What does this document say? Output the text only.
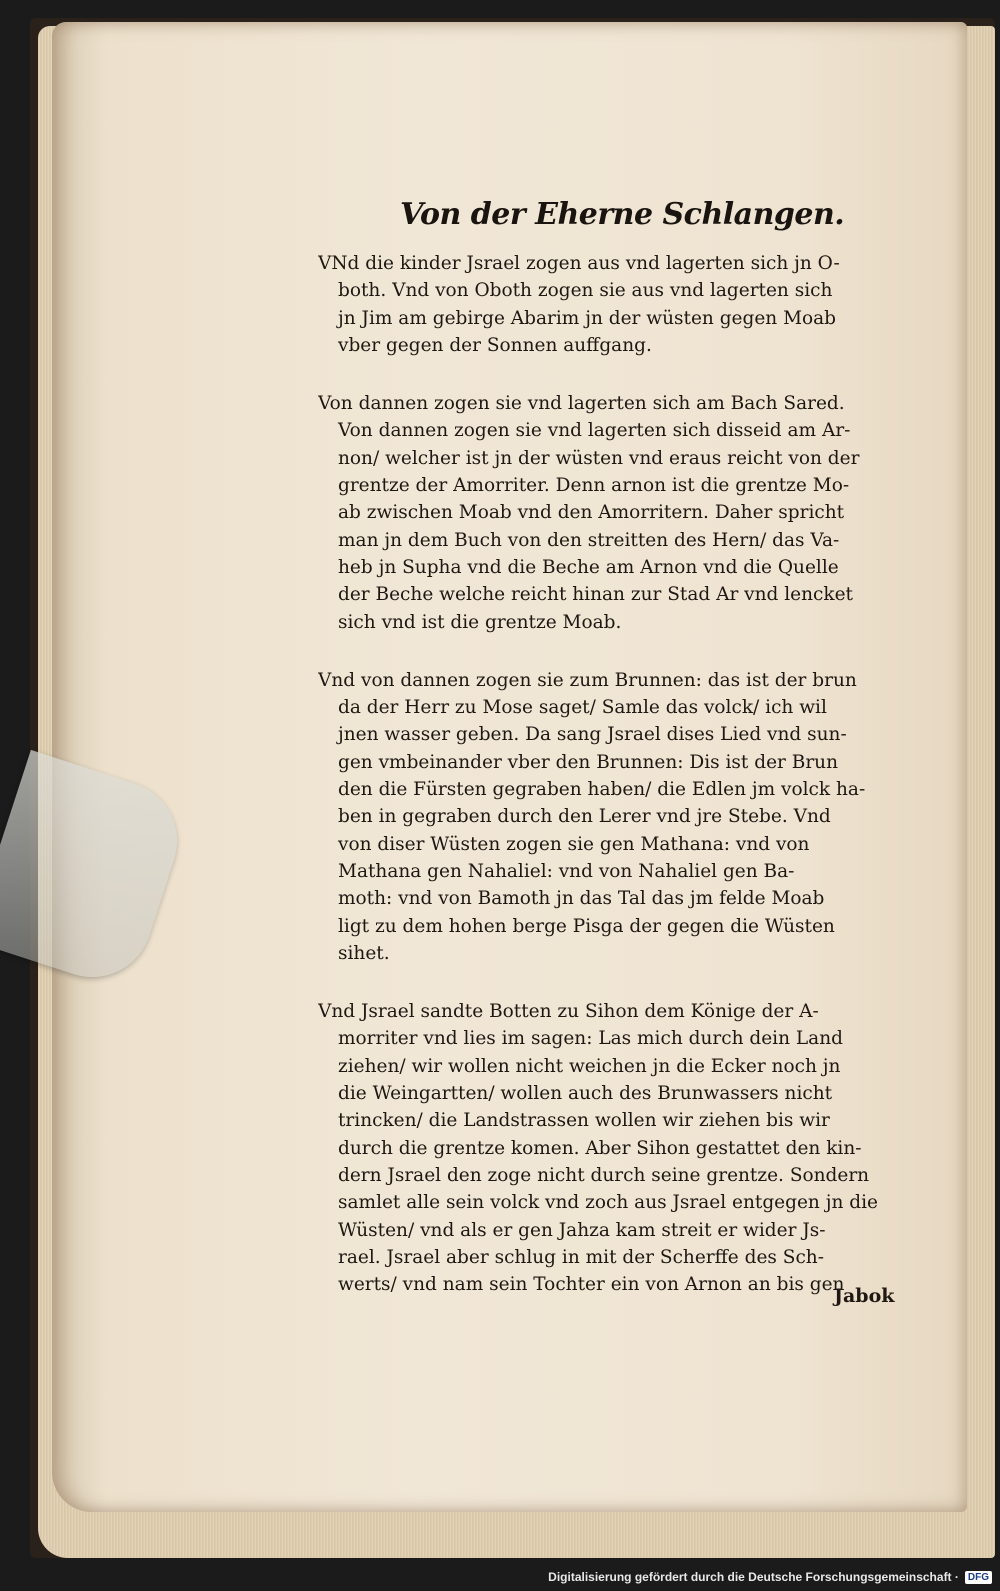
Von der Eherne Schlangen.
VNd die kinder Jsrael zogen aus vnd lagerten sich jn O-
both. Vnd von Oboth zogen sie aus vnd lagerten sich
jn Jim am gebirge Abarim jn der wüsten gegen Moab
vber gegen der Sonnen auffgang.
Von dannen zogen sie vnd lagerten sich am Bach Sared.
Von dannen zogen sie vnd lagerten sich disseid am Ar-
non/ welcher ist jn der wüsten vnd eraus reicht von der
grentze der Amorriter. Denn arnon ist die grentze Mo-
ab zwischen Moab vnd den Amorritern. Daher spricht
man jn dem Buch von den streitten des Hern/ das Va-
heb jn Supha vnd die Beche am Arnon vnd die Quelle
der Beche welche reicht hinan zur Stad Ar vnd lencket
sich vnd ist die grentze Moab.
Vnd von dannen zogen sie zum Brunnen: das ist der brun
da der Herr zu Mose saget/ Samle das volck/ ich wil
jnen wasser geben. Da sang Jsrael dises Lied vnd sun-
gen vmbeinander vber den Brunnen: Dis ist der Brun
den die Fürsten gegraben haben/ die Edlen jm volck ha-
ben in gegraben durch den Lerer vnd jre Stebe. Vnd
von diser Wüsten zogen sie gen Mathana: vnd von
Mathana gen Nahaliel: vnd von Nahaliel gen Ba-
moth: vnd von Bamoth jn das Tal das jm felde Moab
ligt zu dem hohen berge Pisga der gegen die Wüsten
sihet.
Vnd Jsrael sandte Botten zu Sihon dem Könige der A-
morriter vnd lies im sagen: Las mich durch dein Land
ziehen/ wir wollen nicht weichen jn die Ecker noch jn
die Weingartten/ wollen auch des Brunwassers nicht
trincken/ die Landstrassen wollen wir ziehen bis wir
durch die grentze komen. Aber Sihon gestattet den kin-
dern Jsrael den zoge nicht durch seine grentze. Sondern
samlet alle sein volck vnd zoch aus Jsrael entgegen jn die
Wüsten/ vnd als er gen Jahza kam streit er wider Js-
rael. Jsrael aber schlug in mit der Scherffe des Sch-
werts/ vnd nam sein Tochter ein von Arnon an bis gen
Jabok
Digitalisierung gefördert durch die Deutsche Forschungsgemeinschaft · DFG
